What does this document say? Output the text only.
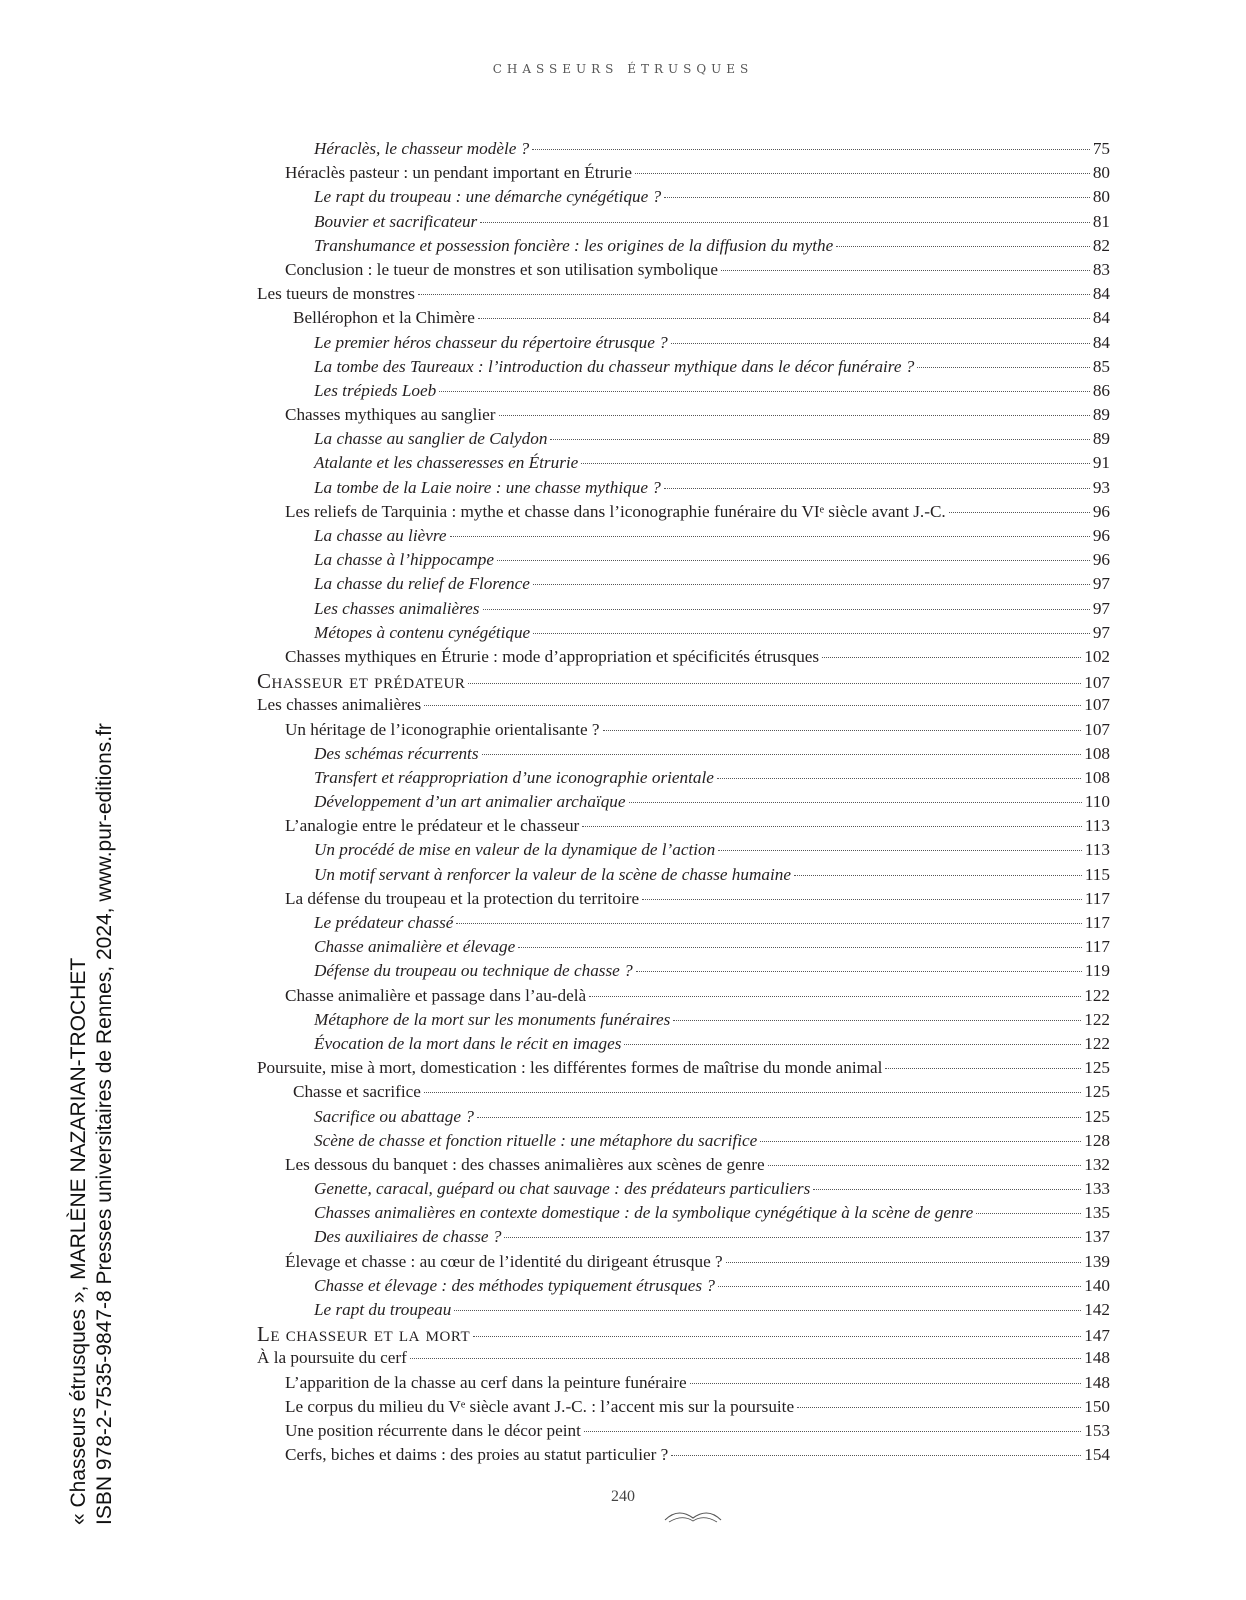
CHASSEURS ÉTRUSQUES
« Chasseurs étrusques », MARLÈNE NAZARIAN-TROCHET ISBN 978-2-7535-9847-8 Presses universitaires de Rennes, 2024, www.pur-editions.fr
Héraclès, le chasseur modèle ?	75
Héraclès pasteur : un pendant important en Étrurie	80
Le rapt du troupeau : une démarche cynégétique ?	80
Bouvier et sacrificateur	81
Transhumance et possession foncière : les origines de la diffusion du mythe	82
Conclusion : le tueur de monstres et son utilisation symbolique	83
Les tueurs de monstres	84
Bellérophon et la Chimère	84
Le premier héros chasseur du répertoire étrusque ?	84
La tombe des Taureaux : l’introduction du chasseur mythique dans le décor funéraire ?	85
Les trépieds Loeb	86
Chasses mythiques au sanglier	89
La chasse au sanglier de Calydon	89
Atalante et les chasseresses en Étrurie	91
La tombe de la Laie noire : une chasse mythique ?	93
Les reliefs de Tarquinia : mythe et chasse dans l’iconographie funéraire du VIᵉ siècle avant J.-C.	96
La chasse au lièvre	96
La chasse à l’hippocampe	96
La chasse du relief de Florence	97
Les chasses animalières	97
Métopes à contenu cynégétique	97
Chasses mythiques en Étrurie : mode d’appropriation et spécificités étrusques	102
Chasseur et prédateur	107
Les chasses animalières	107
Un héritage de l’iconographie orientalisante ?	107
Des schémas récurrents	108
Transfert et réappropriation d’une iconographie orientale	108
Développement d’un art animalier archaïque	110
L’analogie entre le prédateur et le chasseur	113
Un procédé de mise en valeur de la dynamique de l’action	113
Un motif servant à renforcer la valeur de la scène de chasse humaine	115
La défense du troupeau et la protection du territoire	117
Le prédateur chassé	117
Chasse animalière et élevage	117
Défense du troupeau ou technique de chasse ?	119
Chasse animalière et passage dans l’au-delà	122
Métaphore de la mort sur les monuments funéraires	122
Évocation de la mort dans le récit en images	122
Poursuite, mise à mort, domestication : les différentes formes de maîtrise du monde animal	125
Chasse et sacrifice	125
Sacrifice ou abattage ?	125
Scène de chasse et fonction rituelle : une métaphore du sacrifice	128
Les dessous du banquet : des chasses animalières aux scènes de genre	132
Genette, caracal, guépard ou chat sauvage : des prédateurs particuliers	133
Chasses animalières en contexte domestique : de la symbolique cynégétique à la scène de genre	135
Des auxiliaires de chasse ?	137
Élevage et chasse : au cœur de l’identité du dirigeant étrusque ?	139
Chasse et élevage : des méthodes typiquement étrusques ?	140
Le rapt du troupeau	142
Le chasseur et la mort	147
À la poursuite du cerf	148
L’apparition de la chasse au cerf dans la peinture funéraire	148
Le corpus du milieu du Vᵉ siècle avant J.-C. : l’accent mis sur la poursuite	150
Une position récurrente dans le décor peint	153
Cerfs, biches et daims : des proies au statut particulier ?	154
240
